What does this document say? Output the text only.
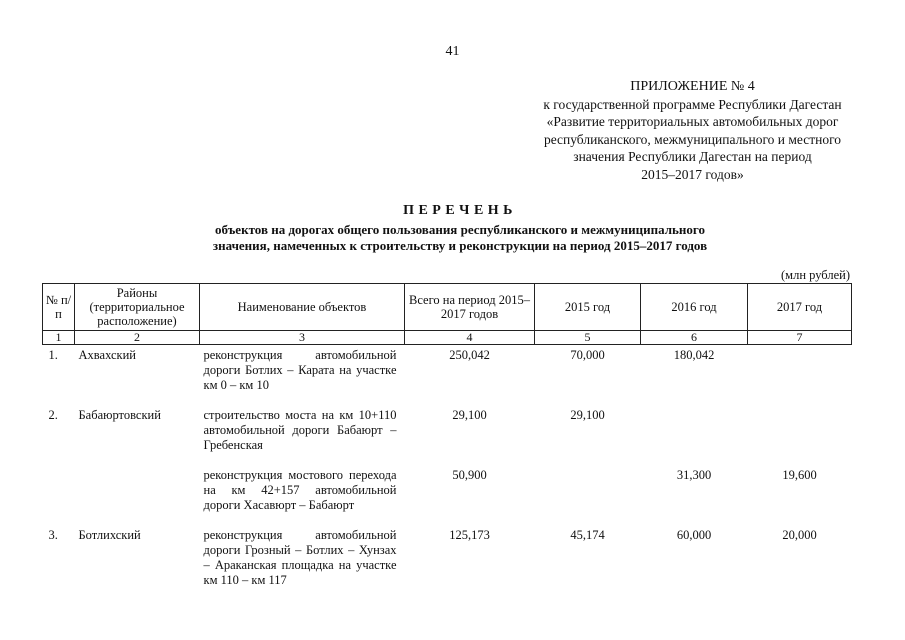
41
ПРИЛОЖЕНИЕ № 4
к государственной программе Республики Дагестан
«Развитие территориальных автомобильных дорог
республиканского, межмуниципального и местного
значения Республики Дагестан на период
2015–2017 годов»
ПЕРЕЧЕНЬ
объектов на дорогах общего пользования республиканского и межмуниципального
значения, намеченных к строительству и реконструкции на период 2015–2017 годов
(млн рублей)
№ п/п	Районы (территориальное расположение)	Наименование объектов	Всего на период 2015–2017 годов	2015 год	2016 год	2017 год
1	2	3	4	5	6	7
1.	Ахвахский	реконструкция автомобильной дороги Ботлих – Карата на участке км 0 – км 10	250,042	70,000	180,042	
2.	Бабаюртовский	строительство моста на км 10+110 автомобильной дороги Бабаюрт – Гребенская	29,100	29,100		
		реконструкция мостового перехода на км 42+157 автомобильной дороги Хасавюрт – Бабаюрт	50,900		31,300	19,600
3.	Ботлихский	реконструкция автомобильной дороги Грозный – Ботлих – Хунзах – Араканская площадка на участке км 110 – км 117	125,173	45,174	60,000	20,000
